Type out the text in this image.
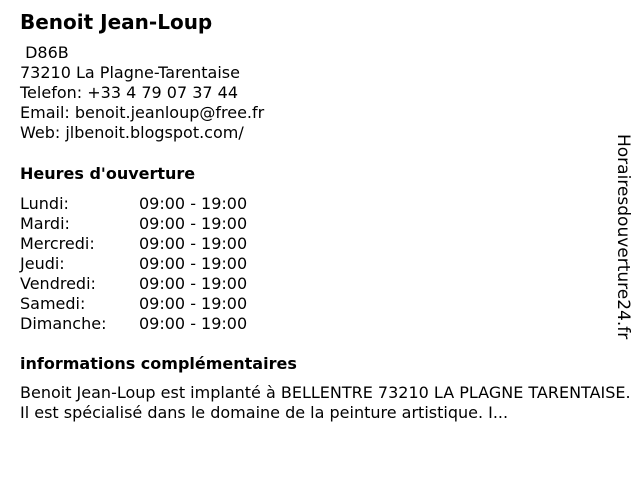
Benoit Jean-Loup
D86B
73210 La Plagne-Tarentaise
Telefon: +33 4 79 07 37 44
Email: benoit.jeanloup@free.fr
Web: jlbenoit.blogspot.com/
Heures d'ouverture
Lundi:	09:00 - 19:00
Mardi:	09:00 - 19:00
Mercredi:	09:00 - 19:00
Jeudi:	09:00 - 19:00
Vendredi:	09:00 - 19:00
Samedi:	09:00 - 19:00
Dimanche:	09:00 - 19:00
informations complémentaires

Benoit Jean-Loup est implanté à BELLENTRE 73210 LA PLAGNE TARENTAISE. Il est spécialisé dans le domaine de la peinture artistique. I...

Horairesdouverture24.fr
